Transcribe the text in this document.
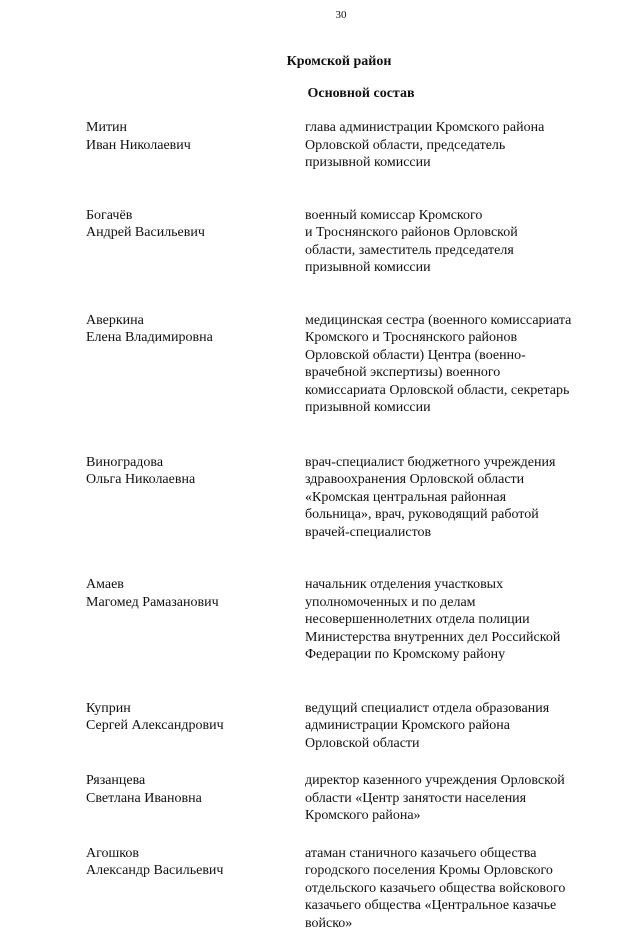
30
Кромской район
Основной состав
Митин
Иван Николаевич
глава администрации Кромского района
Орловской области, председатель
призывной комиссии
Богачёв
Андрей Васильевич
военный комиссар Кромского
и Троснянского районов Орловской
области, заместитель председателя
призывной комиссии
Аверкина
Елена Владимировна
медицинская сестра (военного комиссариата
Кромского и Троснянского районов
Орловской области) Центра (военно-
врачебной экспертизы) военного
комиссариата Орловской области, секретарь
призывной комиссии
Виноградова
Ольга Николаевна
врач-специалист бюджетного учреждения
здравоохранения Орловской области
«Кромская центральная районная
больница», врач, руководящий работой
врачей-специалистов
Амаев
Магомед Рамазанович
начальник отделения участковых
уполномоченных и по делам
несовершеннолетних отдела полиции
Министерства внутренних дел Российской
Федерации по Кромскому району
Куприн
Сергей Александрович
ведущий специалист отдела образования
администрации Кромского района
Орловской области
Рязанцева
Светлана Ивановна
директор казенного учреждения Орловской
области «Центр занятости населения
Кромского района»
Агошков
Александр Васильевич
атаман станичного казачьего общества
городского поселения Кромы Орловского
отдельского казачьего общества войскового
казачьего общества «Центральное казачье
войско»
